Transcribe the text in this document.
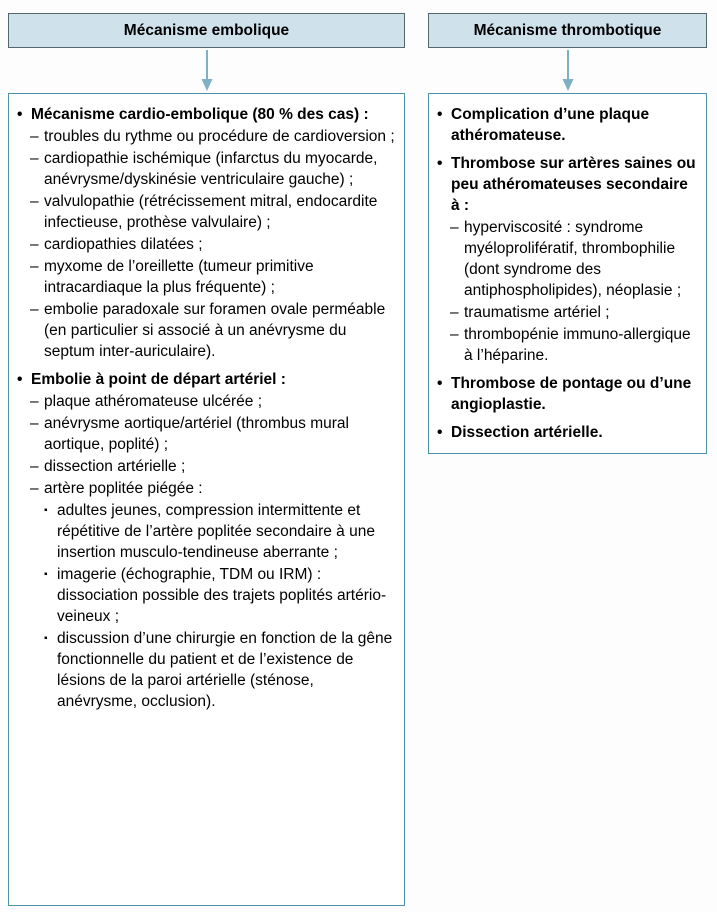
Mécanisme embolique
• Mécanisme cardio-embolique (80 % des cas) :
– troubles du rythme ou procédure de cardioversion ;
– cardiopathie ischémique (infarctus du myocarde, anévrysme/dyskinésie ventriculaire gauche) ;
– valvulopathie (rétrécissement mitral, endocardite infectieuse, prothèse valvulaire) ;
– cardiopathies dilatées ;
– myxome de l’oreillette (tumeur primitive intracardiaque la plus fréquente) ;
– embolie paradoxale sur foramen ovale perméable (en particulier si associé à un anévrysme du septum inter-auriculaire).
• Embolie à point de départ artériel :
– plaque athéromateuse ulcérée ;
– anévrysme aortique/artériel (thrombus mural aortique, poplité) ;
– dissection artérielle ;
– artère poplitée piégée :
▪ adultes jeunes, compression intermittente et répétitive de l’artère poplitée secondaire à une insertion musculo-tendineuse aberrante ;
▪ imagerie (échographie, TDM ou IRM) : dissociation possible des trajets poplités artério-veineux ;
▪ discussion d’une chirurgie en fonction de la gêne fonctionnelle du patient et de l’existence de lésions de la paroi artérielle (sténose, anévrysme, occlusion).
Mécanisme thrombotique
• Complication d’une plaque athéromateuse.
• Thrombose sur artères saines ou peu athéromateuses secondaire à :
– hyperviscosité : syndrome myéloprolifératif, thrombophilie (dont syndrome des antiphospholipides), néoplasie ;
– traumatisme artériel ;
– thrombopénie immuno-allergique à l’héparine.
• Thrombose de pontage ou d’une angioplastie.
• Dissection artérielle.
